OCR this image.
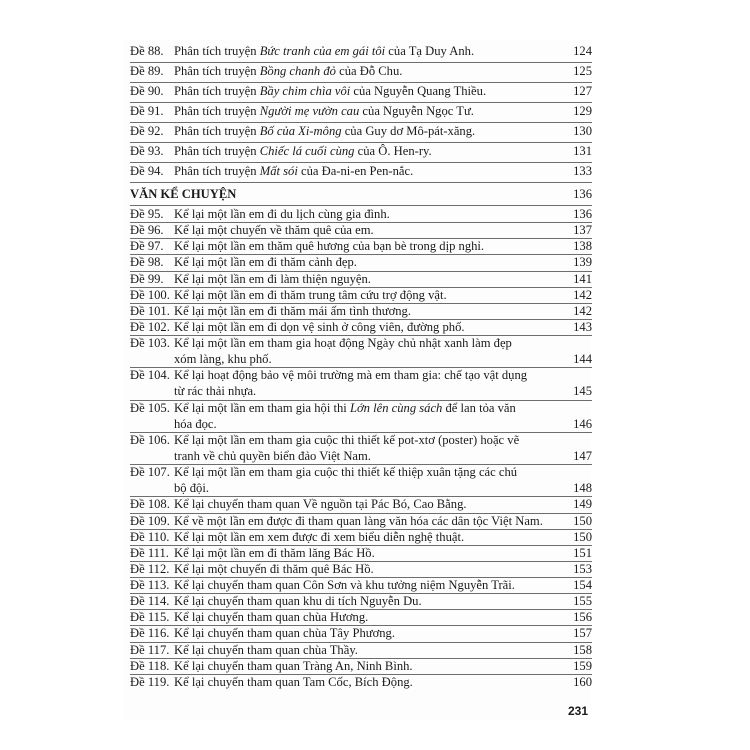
Đề 88. Phân tích truyện Bức tranh của em gái tôi của Tạ Duy Anh.	124
Đề 89. Phân tích truyện Bồng chanh đỏ của Đỗ Chu.	125
Đề 90. Phân tích truyện Bầy chim chìa vôi của Nguyễn Quang Thiều.	127
Đề 91. Phân tích truyện Người mẹ vườn cau của Nguyễn Ngọc Tư.	129
Đề 92. Phân tích truyện Bố của Xi-mông của Guy dơ Mô-pát-xăng.	130
Đề 93. Phân tích truyện Chiếc lá cuối cùng của Ô. Hen-ry.	131
Đề 94. Phân tích truyện Mất sói của Đa-ni-en Pen-nắc.	133
VĂN KỂ CHUYỆN	136
Đề 95. Kể lại một lần em đi du lịch cùng gia đình.	136
Đề 96. Kể lại một chuyến về thăm quê của em.	137
Đề 97. Kể lại một lần em thăm quê hương của bạn bè trong dịp nghỉ.	138
Đề 98. Kể lại một lần em đi thăm cảnh đẹp.	139
Đề 99. Kể lại một lần em đi làm thiện nguyện.	141
Đề 100. Kể lại một lần em đi thăm trung tâm cứu trợ động vật.	142
Đề 101. Kể lại một lần em đi thăm mái ấm tình thương.	142
Đề 102. Kể lại một lần em đi dọn vệ sinh ở công viên, đường phố.	143
Đề 103. Kể lại một lần em tham gia hoạt động Ngày chủ nhật xanh làm đẹp
xóm làng, khu phố.	144
Đề 104. Kể lại hoạt động bảo vệ môi trường mà em tham gia: chế tạo vật dụng
từ rác thải nhựa.	145
Đề 105. Kể lại một lần em tham gia hội thi Lớn lên cùng sách để lan tỏa văn
hóa đọc.	146
Đề 106. Kể lại một lần em tham gia cuộc thi thiết kế pot-xtơ (poster) hoặc vẽ
tranh về chủ quyền biển đảo Việt Nam.	147
Đề 107. Kể lại một lần em tham gia cuộc thi thiết kế thiệp xuân tặng các chú
bộ đội.	148
Đề 108. Kể lại chuyến tham quan Về nguồn tại Pác Bó, Cao Bằng.	149
Đề 109. Kể về một lần em được đi tham quan làng văn hóa các dân tộc Việt Nam.	150
Đề 110. Kể lại một lần em xem được đi xem biểu diễn nghệ thuật.	150
Đề 111. Kể lại một lần em đi thăm lăng Bác Hồ.	151
Đề 112. Kể lại một chuyến đi thăm quê Bác Hồ.	153
Đề 113. Kể lại chuyến tham quan Côn Sơn và khu tưởng niệm Nguyễn Trãi.	154
Đề 114. Kể lại chuyến tham quan khu di tích Nguyễn Du.	155
231
Đề 115. Kể lại chuyến tham quan chùa Hương.	156
Đề 116. Kể lại chuyến tham quan chùa Tây Phương.	157
Đề 117. Kể lại chuyến tham quan chùa Thầy.	158
Đề 118. Kể lại chuyến tham quan Tràng An, Ninh Bình.	159
Đề 119. Kể lại chuyến tham quan Tam Cốc, Bích Động.	160
